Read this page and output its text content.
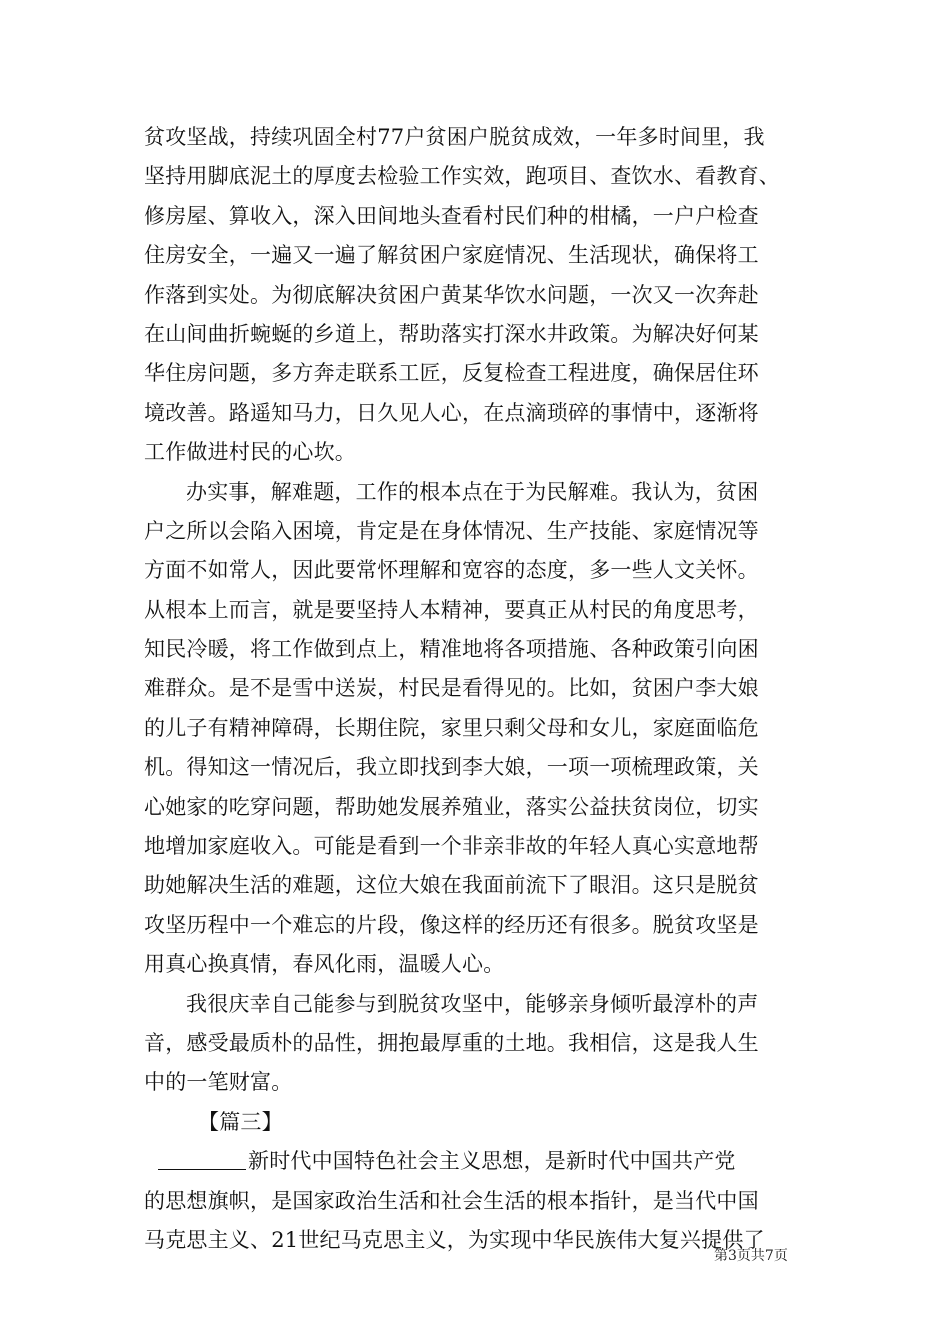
贫攻坚战，持续巩固全村77户贫困户脱贫成效，一年多时间里，我
坚持用脚底泥土的厚度去检验工作实效，跑项目、查饮水、看教育、
修房屋、算收入，深入田间地头查看村民们种的柑橘，一户户检查
住房安全，一遍又一遍了解贫困户家庭情况、生活现状，确保将工
作落到实处。为彻底解决贫困户黄某华饮水问题，一次又一次奔赴
在山间曲折蜿蜒的乡道上，帮助落实打深水井政策。为解决好何某
华住房问题，多方奔走联系工匠，反复检查工程进度，确保居住环
境改善。路遥知马力，日久见人心，在点滴琐碎的事情中，逐渐将
工作做进村民的心坎。
办实事，解难题，工作的根本点在于为民解难。我认为，贫困
户之所以会陷入困境，肯定是在身体情况、生产技能、家庭情况等
方面不如常人，因此要常怀理解和宽容的态度，多一些人文关怀。
从根本上而言，就是要坚持人本精神，要真正从村民的角度思考，
知民冷暖，将工作做到点上，精准地将各项措施、各种政策引向困
难群众。是不是雪中送炭，村民是看得见的。比如，贫困户李大娘
的儿子有精神障碍，长期住院，家里只剩父母和女儿，家庭面临危
机。得知这一情况后，我立即找到李大娘，一项一项梳理政策，关
心她家的吃穿问题，帮助她发展养殖业，落实公益扶贫岗位，切实
地增加家庭收入。可能是看到一个非亲非故的年轻人真心实意地帮
助她解决生活的难题，这位大娘在我面前流下了眼泪。这只是脱贫
攻坚历程中一个难忘的片段，像这样的经历还有很多。脱贫攻坚是
用真心换真情，春风化雨，温暖人心。
我很庆幸自己能参与到脱贫攻坚中，能够亲身倾听最淳朴的声
音，感受最质朴的品性，拥抱最厚重的土地。我相信，这是我人生
中的一笔财富。
【篇三】
新时代中国特色社会主义思想，是新时代中国共产党
的思想旗帜，是国家政治生活和社会生活的根本指针，是当代中国
马克思主义、21世纪马克思主义，为实现中华民族伟大复兴提供了
第3页共7页
